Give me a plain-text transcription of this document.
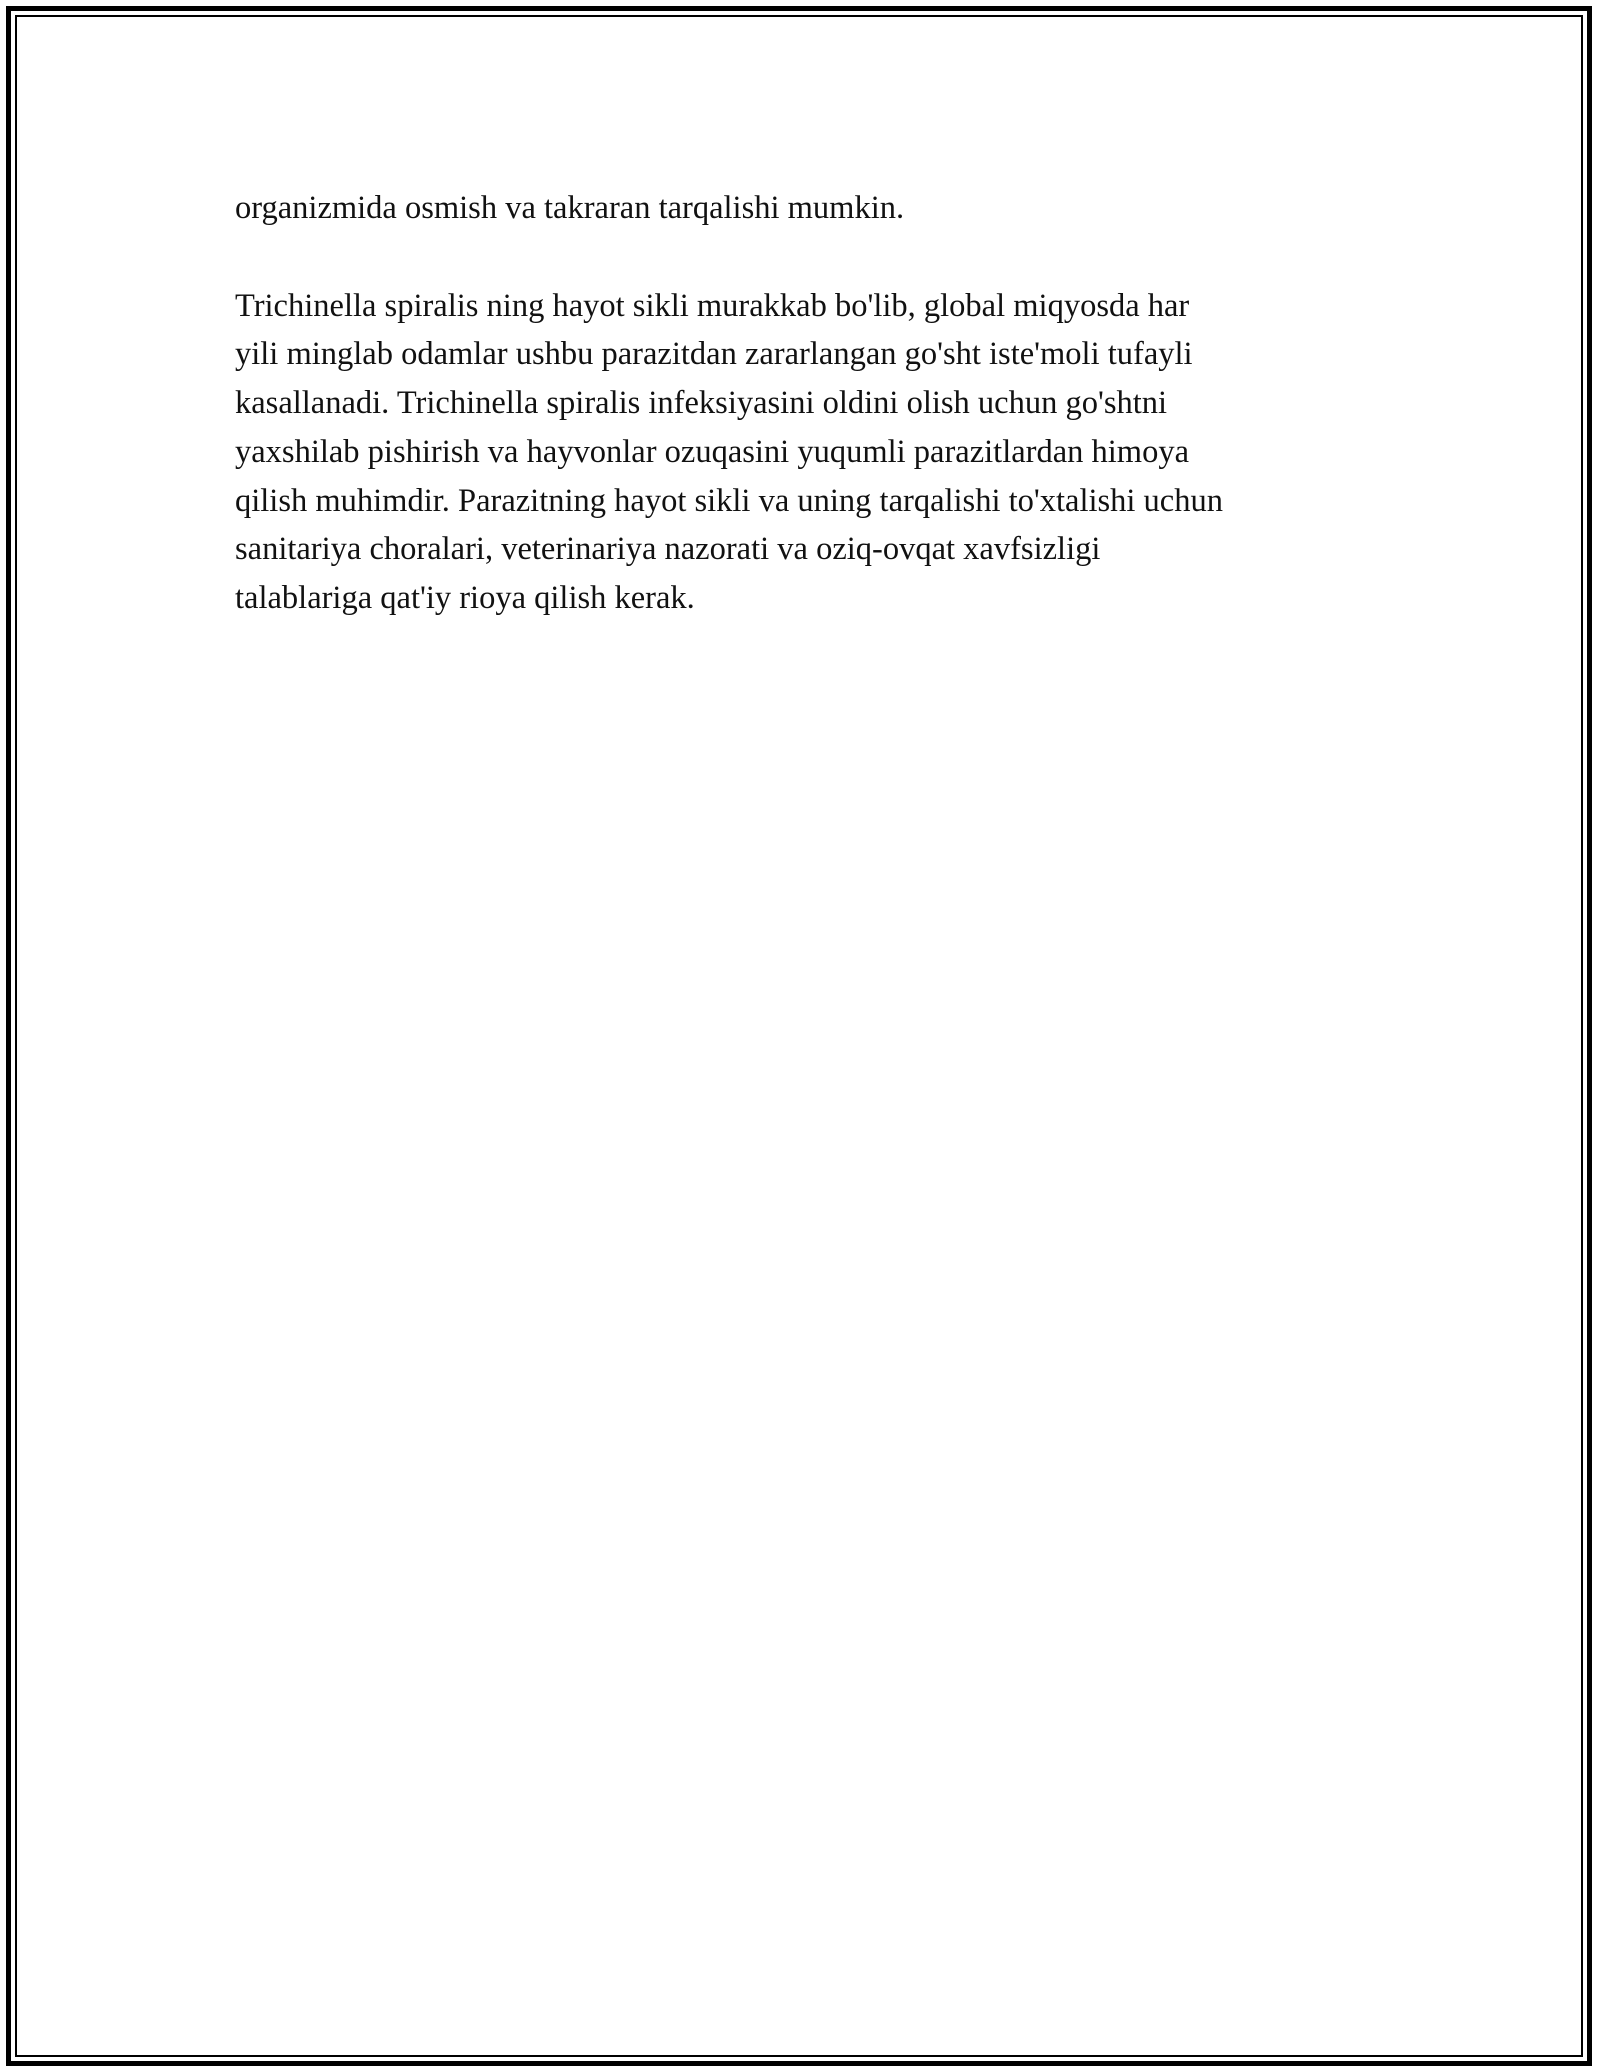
organizmida osmish va takraran tarqalishi mumkin.

Trichinella spiralis ning hayot sikli murakkab bo'lib, global miqyosda har
yili minglab odamlar ushbu parazitdan zararlangan go'sht iste'moli tufayli
kasallanadi. Trichinella spiralis infeksiyasini oldini olish uchun go'shtni
yaxshilab pishirish va hayvonlar ozuqasini yuqumli parazitlardan himoya
qilish muhimdir. Parazitning hayot sikli va uning tarqalishi to'xtalishi uchun
sanitariya choralari, veterinariya nazorati va oziq-ovqat xavfsizligi
talablariga qat'iy rioya qilish kerak.
